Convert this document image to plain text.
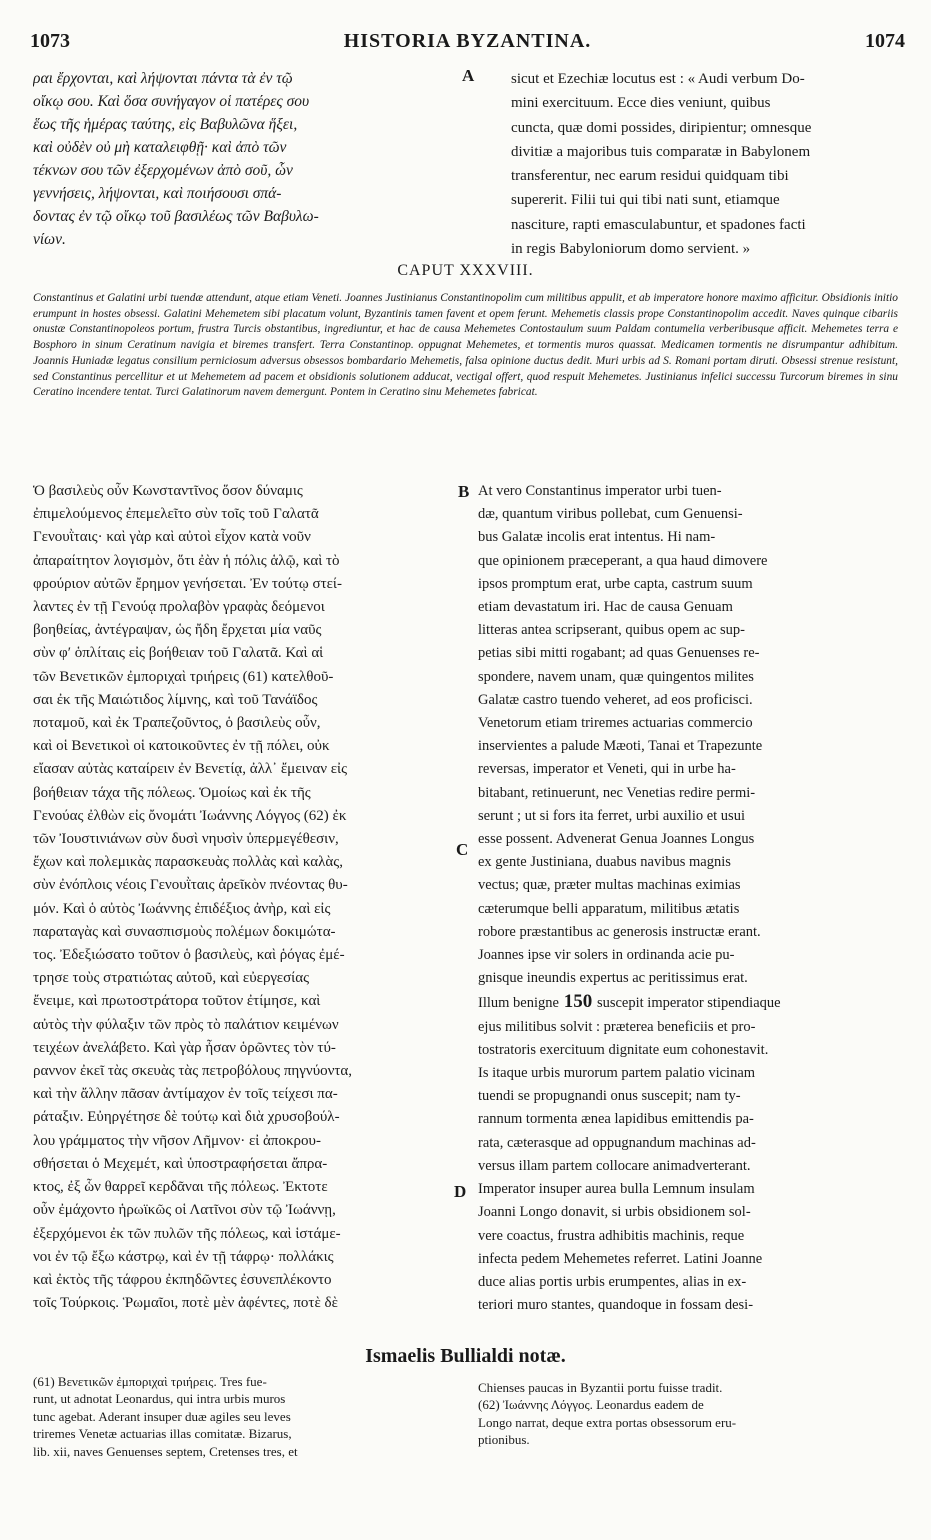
1073	HISTORIA BYZANTINA.	1074
ραι ἔρχονται, καὶ λήψονται πάντα τὰ ἐν τῷ
οἴκῳ σου. Καὶ ὅσα συνήγαγον οἱ πατέρες σου
ἕως τῆς ἡμέρας ταύτης, εἰς Βαβυλῶνα ἥξει,
καὶ οὐδὲν οὐ μὴ καταλειφθῇ· καὶ ἀπὸ τῶν
τέκνων σου τῶν ἐξερχομένων ἀπὸ σοῦ, ὧν
γεννήσεις, λήψονται, καὶ ποιήσουσι σπά-
δοντας ἐν τῷ οἴκῳ τοῦ βασιλέως τῶν Βαβυλω-
νίων.
sicut et Ezechiæ locutus est : « Audi verbum Do-
mini exercituum. Ecce dies veniunt, quibus
cuncta, quæ domi possides, diripientur; omnesque
divitiæ a majoribus tuis comparatæ in Babylonem
transferentur, nec earum residui quidquam tibi
supererit. Filii tui qui tibi nati sunt, etiamque
nasciture, rapti emasculabuntur, et spadones facti
in regis Babyloniorum domo servient. »
A
CAPUT XXXVIII.
Constantinus et Galatini urbi tuendæ attendunt, atque etiam Veneti. Joannes Justinianus Constantinopolim cum militibus appulit, et ab imperatore honore maximo afficitur. Obsidionis initio erumpunt in hostes obsessi. Galatini Mehemetem sibi placatum volunt, Byzantinis tamen favent et opem ferunt. Mehemetis classis prope Constantinopolim accedit. Naves quinque cibariis onustæ Constantinopoleos portum, frustra Turcis obstantibus, ingrediuntur, et hac de causa Mehemetes Contostaulum suum Paldam contumelia verberibusque afficit. Mehemetes terra e Bosphoro in sinum Ceratinum navigia et biremes transfert. Terra Constantinop. oppugnat Mehemetes, et tormentis muros quassat. Medicamen tormentis ne disrumpantur adhibitum. Joannis Huniadæ legatus consilium perniciosum adversus obsessos bombardario Mehemetis, falsa opinione ductus dedit. Muri urbis ad S. Romani portam diruti. Obsessi strenue resistunt, sed Constantinus percellitur et ut Mehemetem ad pacem et obsidionis solutionem adducat, vectigal offert, quod respuit Mehemetes. Justinianus infelici successu Turcorum biremes in sinu Ceratino incendere tentat. Turci Galatinorum navem demergunt. Pontem in Ceratino sinu Mehemetes fabricat.
Ὁ βασιλεὺς οὖν Κωνσταντῖνος ὅσον δύναμις
ἐπιμελούμενος ἐπεμελεῖτο σὺν τοῖς τοῦ Γαλατᾶ
Γενουῒταις· καὶ γὰρ καὶ αὐτοὶ εἶχον κατὰ νοῦν
ἀπαραίτητον λογισμὸν, ὅτι ἐὰν ἡ πόλις ἁλῷ, καὶ τὸ
φρούριον αὐτῶν ἔρημον γενήσεται. Ἐν τούτῳ στεί-
λαντες ἐν τῇ Γενούᾳ προλαβὸν γραφὰς δεόμενοι
βοηθείας, ἀντέγραψαν, ὡς ἤδη ἔρχεται μία ναῦς
σὺν φʹ ὁπλίταις εἰς βοήθειαν τοῦ Γαλατᾶ. Καὶ αἱ
τῶν Βενετικῶν ἐμποριχαὶ τριήρεις (61) κατελθοῦ-
σαι ἐκ τῆς Μαιώτιδος λίμνης, καὶ τοῦ Τανάϊδος
ποταμοῦ, καὶ ἐκ Τραπεζοῦντος, ὁ βασιλεὺς οὖν,
καὶ οἱ Βενετικοὶ οἱ κατοικοῦντες ἐν τῇ πόλει, οὐκ
εἴασαν αὐτὰς καταίρειν ἐν Βενετίᾳ, ἀλλ᾽ ἔμειναν εἰς
βοήθειαν τάχα τῆς πόλεως. Ὁμοίως καὶ ἐκ τῆς
Γενούας ἐλθὼν εἰς ὄνομάτι Ἰωάννης Λόγγος (62) ἐκ
τῶν Ἰουστινιάνων σὺν δυσὶ νηυσὶν ὑπερμεγέθεσιν,
ἔχων καὶ πολεμικὰς παρασκευὰς πολλὰς καὶ καλὰς,
σὺν ἐνόπλοις νέοις Γενουῒταις ἀρεῖκὸν πνέοντας θυ-
μόν. Καὶ ὁ αὐτὸς Ἰωάννης ἐπιδέξιος ἀνὴρ, καὶ εἰς
παραταγὰς καὶ συνασπισμοὺς πολέμων δοκιμώτα-
τος. Ἐδεξιώσατο τοῦτον ὁ βασιλεὺς, καὶ ῥόγας ἐμέ-
τρησε τοὺς στρατιώτας αὐτοῦ, καὶ εὐεργεσίας
ἔνειμε, καὶ πρωτοστράτορα τοῦτον ἐτίμησε, καὶ
αὐτὸς τὴν φύλαξιν τῶν πρὸς τὸ παλάτιον κειμένων
τειχέων ἀνελάβετο. Καὶ γὰρ ἦσαν ὁρῶντες τὸν τύ-
ραννον ἐκεῖ τὰς σκευὰς τὰς πετροβόλους πηγνύοντα,
καὶ τὴν ἄλλην πᾶσαν ἀντίμαχον ἐν τοῖς τείχεσι πα-
ράταξιν. Εὐηργέτησε δὲ τούτῳ καὶ διὰ χρυσοβούλ-
λου γράμματος τὴν νῆσον Λῆμνον· εἰ ἀποκρου-
σθήσεται ὁ Μεχεμέτ, καὶ ὑποστραφήσεται ἄπρα-
κτος, ἐξ ὧν θαρρεῖ κερδᾶναι τῆς πόλεως. Ἐκτοτε
οὖν ἐμάχοντο ἡρωϊκῶς οἱ Λατῖνοι σὺν τῷ Ἰωάννῃ,
ἐξερχόμενοι ἐκ τῶν πυλῶν τῆς πόλεως, καὶ ἱστάμε-
νοι ἐν τῷ ἔξω κάστρῳ, καὶ ἐν τῇ τάφρῳ· πολλάκις
καὶ ἐκτὸς τῆς τάφρου ἐκπηδῶντες ἐσυνεπλέκοντο
τοῖς Τούρκοις. Ῥωμαῖοι, ποτὲ μὲν ἀφέντες, ποτὲ δὲ
At vero Constantinus imperator urbi tuen-
dæ, quantum viribus pollebat, cum Genuensi-
bus Galatæ incolis erat intentus. Hi nam-
que opinionem præceperant, a qua haud dimovere
ipsos promptum erat, urbe capta, castrum suum
etiam devastatum iri. Hac de causa Genuam
litteras antea scripserant, quibus opem ac sup-
petias sibi mitti rogabant; ad quas Genuenses re-
spondere, navem unam, quæ quingentos milites
Galatæ castro tuendo veheret, ad eos proficisci.
Venetorum etiam triremes actuarias commercio
inservientes a palude Mæoti, Tanai et Trapezunte
reversas, imperator et Veneti, qui in urbe ha-
bitabant, retinuerunt, nec Venetias redire permi-
serunt ; ut si fors ita ferret, urbi auxilio et usui
esse possent. Advenerat Genua Joannes Longus
ex gente Justiniana, duabus navibus magnis
vectus; quæ, præter multas machinas eximias
cæterumque belli apparatum, militibus ætatis
robore præstantibus ac generosis instructæ erant.
Joannes ipse vir solers in ordinanda acie pu-
gnisque ineundis expertus ac peritissimus erat.
Illum benigne 150 suscepit imperator stipendiaque
ejus militibus solvit : præterea beneficiis et pro-
tostratoris exercituum dignitate eum cohonestavit.
Is itaque urbis murorum partem palatio vicinam
tuendi se propugnandi onus suscepit; nam ty-
rannum tormenta ænea lapidibus emittendis pa-
rata, cæterasque ad oppugnandum machinas ad-
versus illam partem collocare animadverterant.
Imperator insuper aurea bulla Lemnum insulam
Joanni Longo donavit, si urbis obsidionem sol-
vere coactus, frustra adhibitis machinis, reque
infecta pedem Mehemetes referret. Latini Joanne
duce alias portis urbis erumpentes, alias in ex-
teriori muro stantes, quandoque in fossam desi-
B
C
D
Ismaelis Bullialdi notæ.
(61) Βενετικῶν ἐμποριχαὶ τριήρεις. Tres fue-
runt, ut adnotat Leonardus, qui intra urbis muros
tunc agebat. Aderant insuper duæ agiles seu leves
triremes Venetæ actuarias illas comitatæ. Bizarus,
lib. xii, naves Genuenses septem, Cretenses tres, et
Chienses paucas in Byzantii portu fuisse tradit.
(62) Ἰωάννης Λόγγος. Leonardus eadem de
Longo narrat, deque extra portas obsessorum eru-
ptionibus.
